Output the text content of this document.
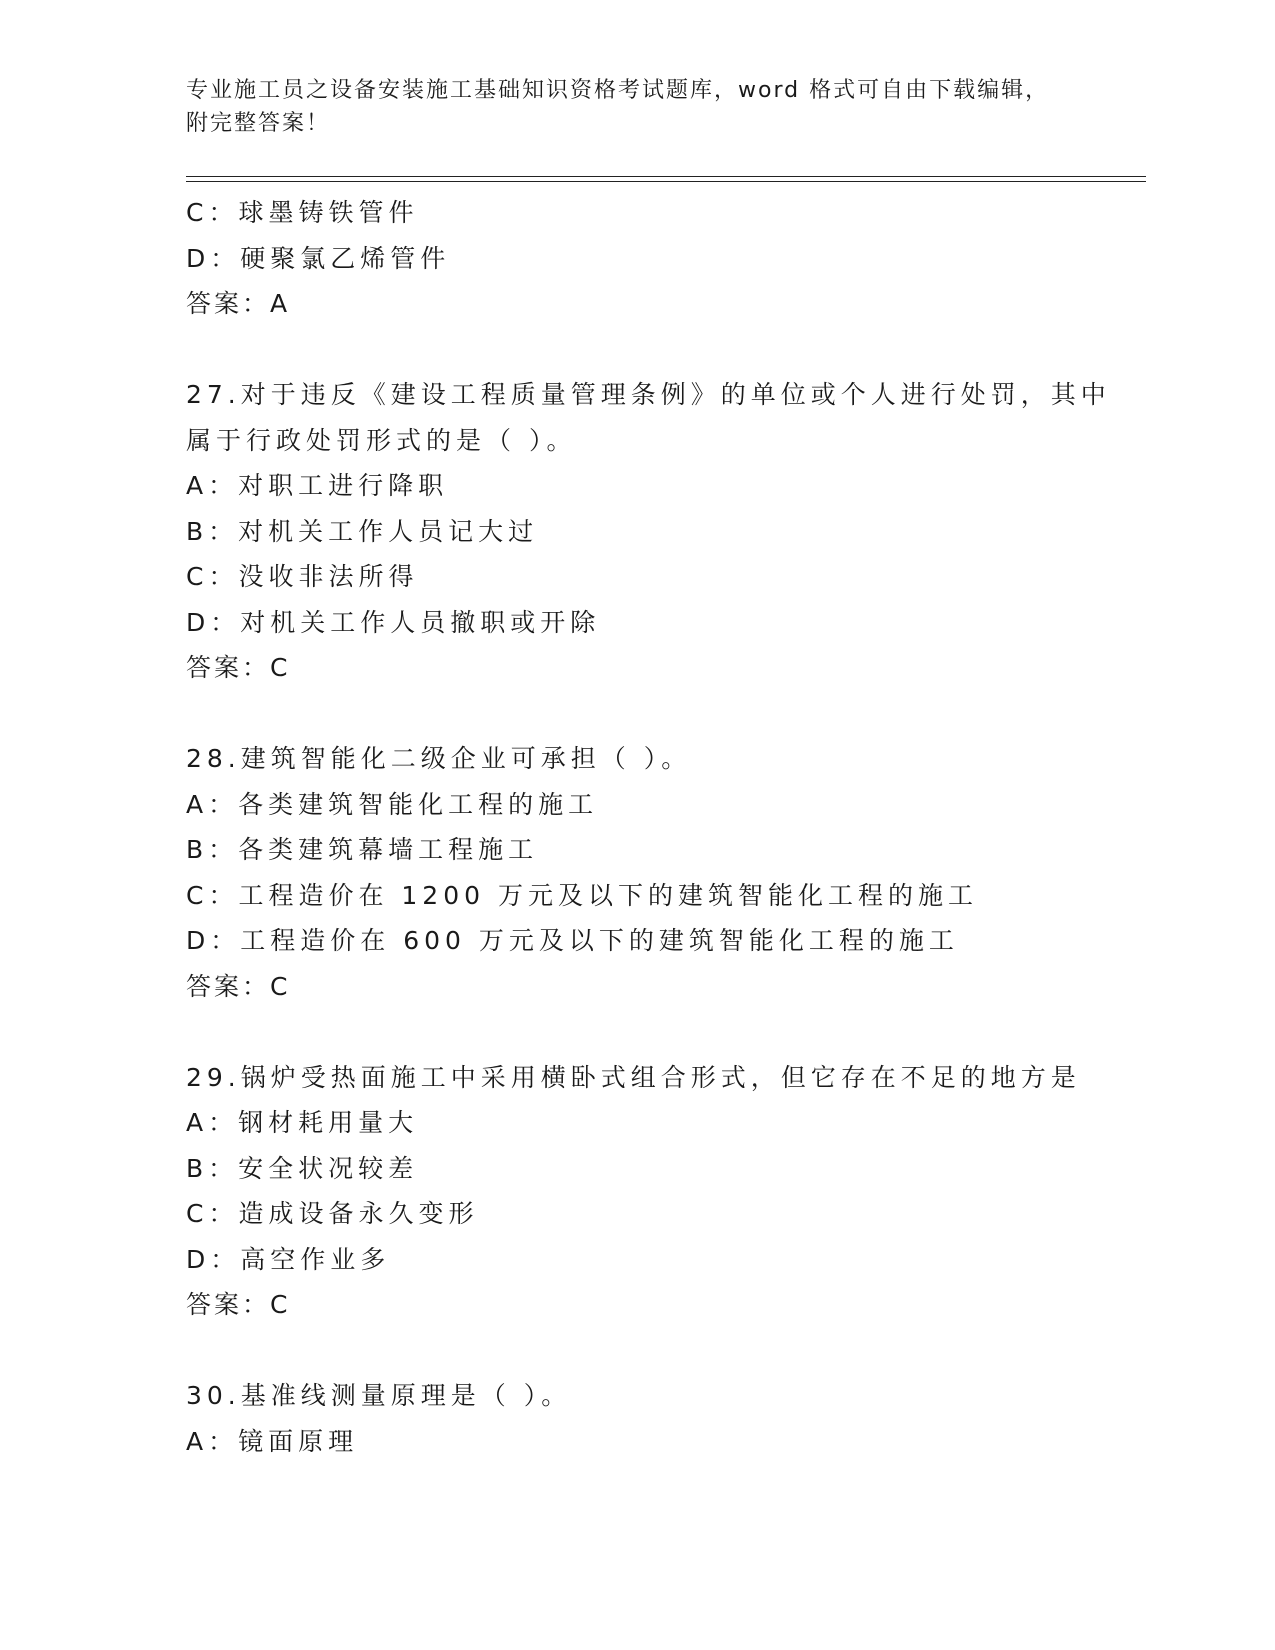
专业施工员之设备安装施工基础知识资格考试题库，word 格式可自由下载编辑，
附完整答案！
C：球墨铸铁管件
D：硬聚氯乙烯管件
答案：A
27.对于违反《建设工程质量管理条例》的单位或个人进行处罚，其中
属于行政处罚形式的是（ ）。
A：对职工进行降职
B：对机关工作人员记大过
C：没收非法所得
D：对机关工作人员撤职或开除
答案：C
28.建筑智能化二级企业可承担（ ）。
A：各类建筑智能化工程的施工
B：各类建筑幕墙工程施工
C：工程造价在 1200 万元及以下的建筑智能化工程的施工
D：工程造价在 600 万元及以下的建筑智能化工程的施工
答案：C
29.锅炉受热面施工中采用横卧式组合形式，但它存在不足的地方是
A：钢材耗用量大
B：安全状况较差
C：造成设备永久变形
D：高空作业多
答案：C
30.基准线测量原理是（ ）。
A：镜面原理
